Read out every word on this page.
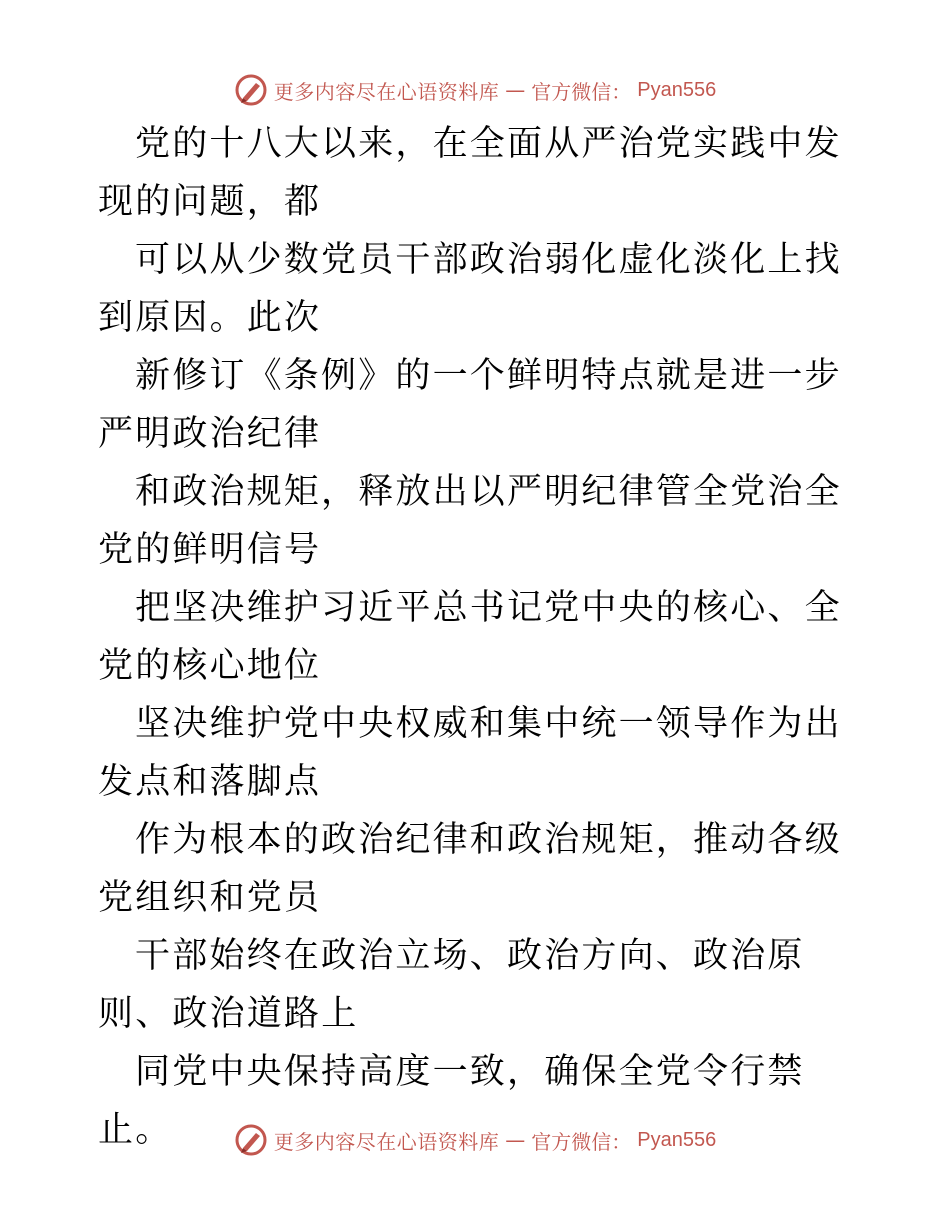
更多内容尽在心语资料库 — 官方微信： Pyan556

党的十八大以来，在全面从严治党实践中发现的问题，都

可以从少数党员干部政治弱化虚化淡化上找到原因。此次

新修订《条例》的一个鲜明特点就是进一步严明政治纪律

和政治规矩，释放出以严明纪律管全党治全党的鲜明信号

把坚决维护习近平总书记党中央的核心、全党的核心地位

坚决维护党中央权威和集中统一领导作为出发点和落脚点

作为根本的政治纪律和政治规矩，推动各级党组织和党员

干部始终在政治立场、政治方向、政治原则、政治道路上

同党中央保持高度一致，确保全党令行禁止。	更多内容尽在心语资料库 — 官方微信： Pyan556
